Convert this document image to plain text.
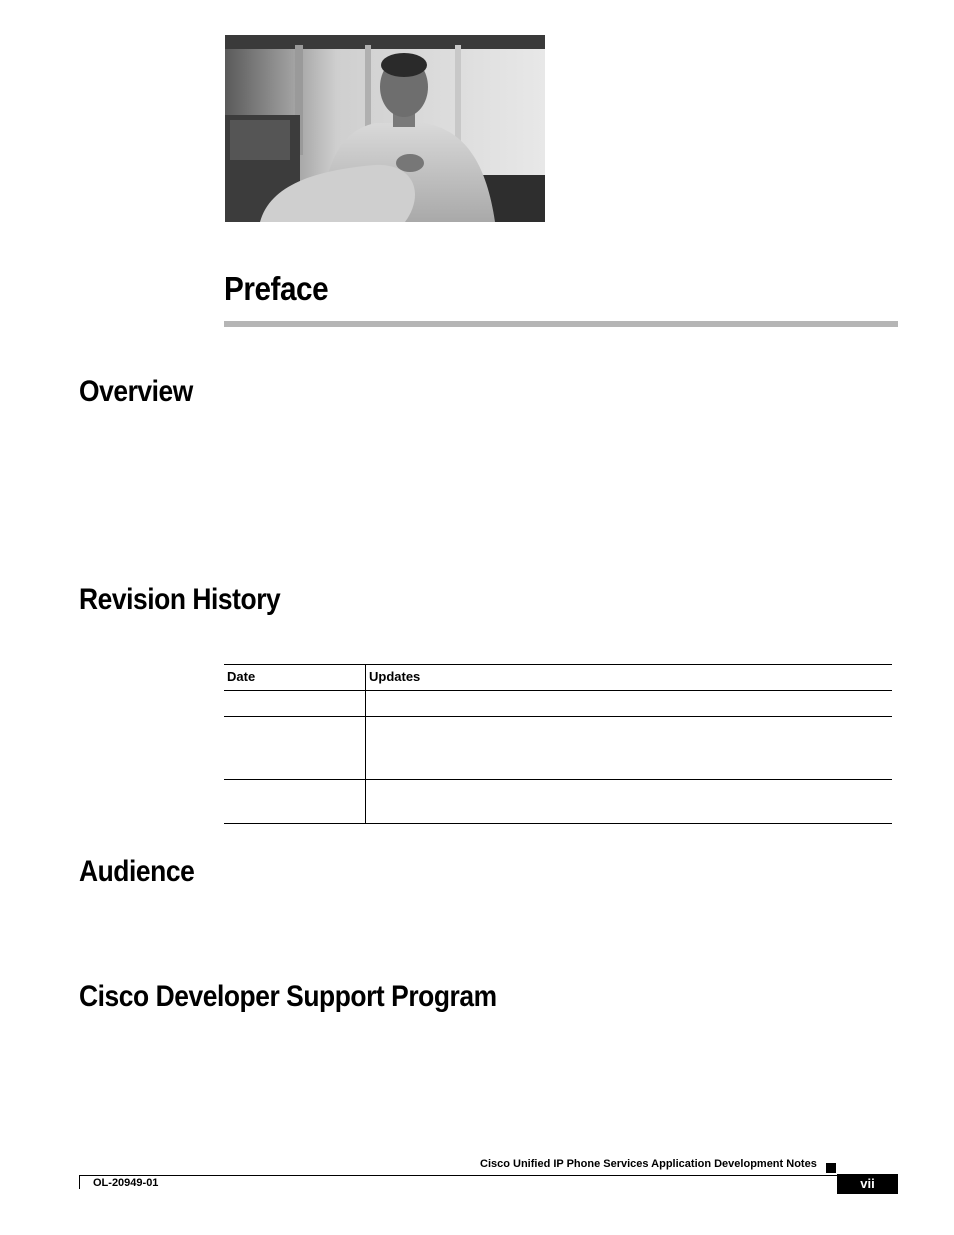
Preface
Overview
Revision History
Date	Updates

Audience
Cisco Developer Support Program
Cisco Unified IP Phone Services Application Development Notes
OL-20949-01	vii
